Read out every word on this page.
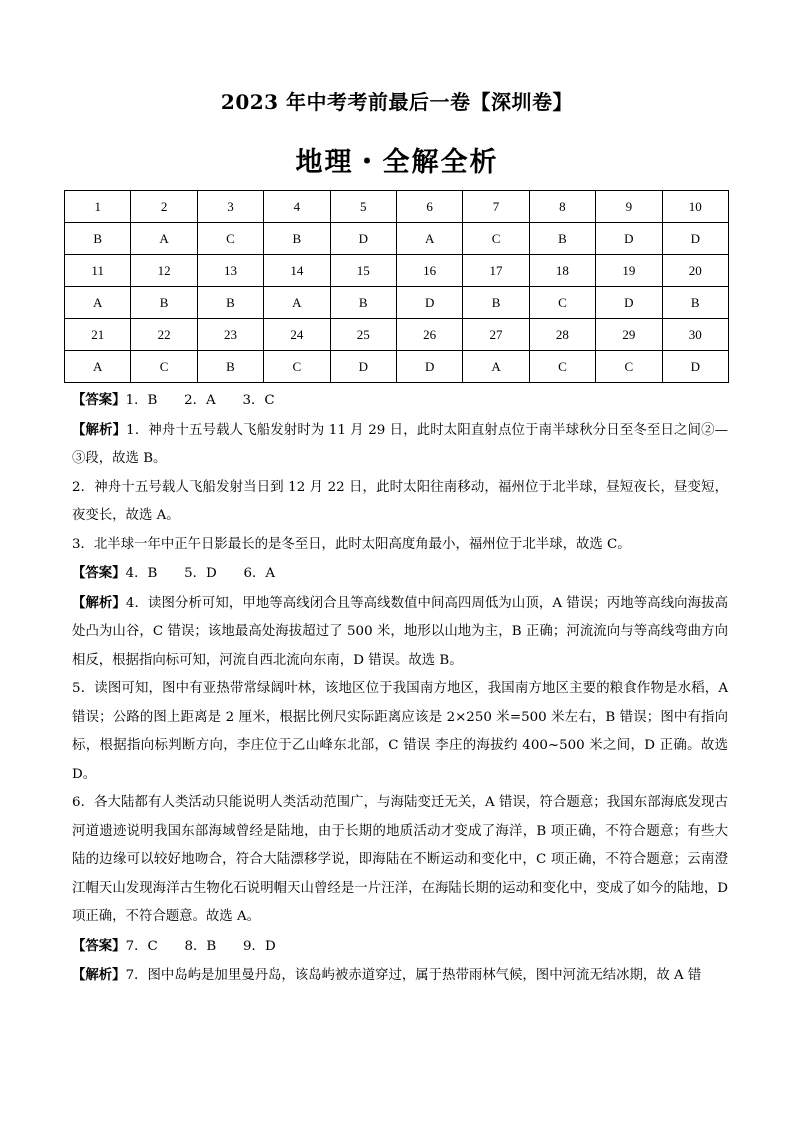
2023 年中考考前最后一卷【深圳卷】
地理・全解全析
1	2	3	4	5	6	7	8	9	10
B	A	C	B	D	A	C	B	D	D
11	12	13	14	15	16	17	18	19	20
A	B	B	A	B	D	B	C	D	B
21	22	23	24	25	26	27	28	29	30
A	C	B	C	D	D	A	C	C	D

【答案】1．B　　2．A　　3．C

【解析】1．神舟十五号载人飞船发射时为 11 月 29 日，此时太阳直射点位于南半球秋分日至冬至日之间②—③段，故选 B。

2．神舟十五号载人飞船发射当日到 12 月 22 日，此时太阳往南移动，福州位于北半球，昼短夜长，昼变短，夜变长，故选 A。

3．北半球一年中正午日影最长的是冬至日，此时太阳高度角最小，福州位于北半球，故选 C。

【答案】4．B　　5．D　　6．A

【解析】4．读图分析可知，甲地等高线闭合且等高线数值中间高四周低为山顶，A 错误；丙地等高线向海拔高处凸为山谷，C 错误；该地最高处海拔超过了 500 米，地形以山地为主，B 正确；河流流向与等高线弯曲方向相反，根据指向标可知，河流自西北流向东南，D 错误。故选 B。

5．读图可知，图中有亚热带常绿阔叶林，该地区位于我国南方地区，我国南方地区主要的粮食作物是水稻，A 错误；公路的图上距离是 2 厘米，根据比例尺实际距离应该是 2×250 米=500 米左右，B 错误；图中有指向标，根据指向标判断方向，李庄位于乙山峰东北部，C 错误 李庄的海拔约 400~500 米之间，D 正确。故选 D。

6．各大陆都有人类活动只能说明人类活动范围广，与海陆变迁无关，A 错误，符合题意；我国东部海底发现古河道遗迹说明我国东部海域曾经是陆地，由于长期的地质活动才变成了海洋，B 项正确，不符合题意；有些大陆的边缘可以较好地吻合，符合大陆漂移学说，即海陆在不断运动和变化中，C 项正确，不符合题意；云南澄江帽天山发现海洋古生物化石说明帽天山曾经是一片汪洋，在海陆长期的运动和变化中，变成了如今的陆地，D 项正确，不符合题意。故选 A。

【答案】7．C　　8．B　　9．D

【解析】7．图中岛屿是加里曼丹岛，该岛屿被赤道穿过，属于热带雨林气候，图中河流无结冰期，故 A 错
